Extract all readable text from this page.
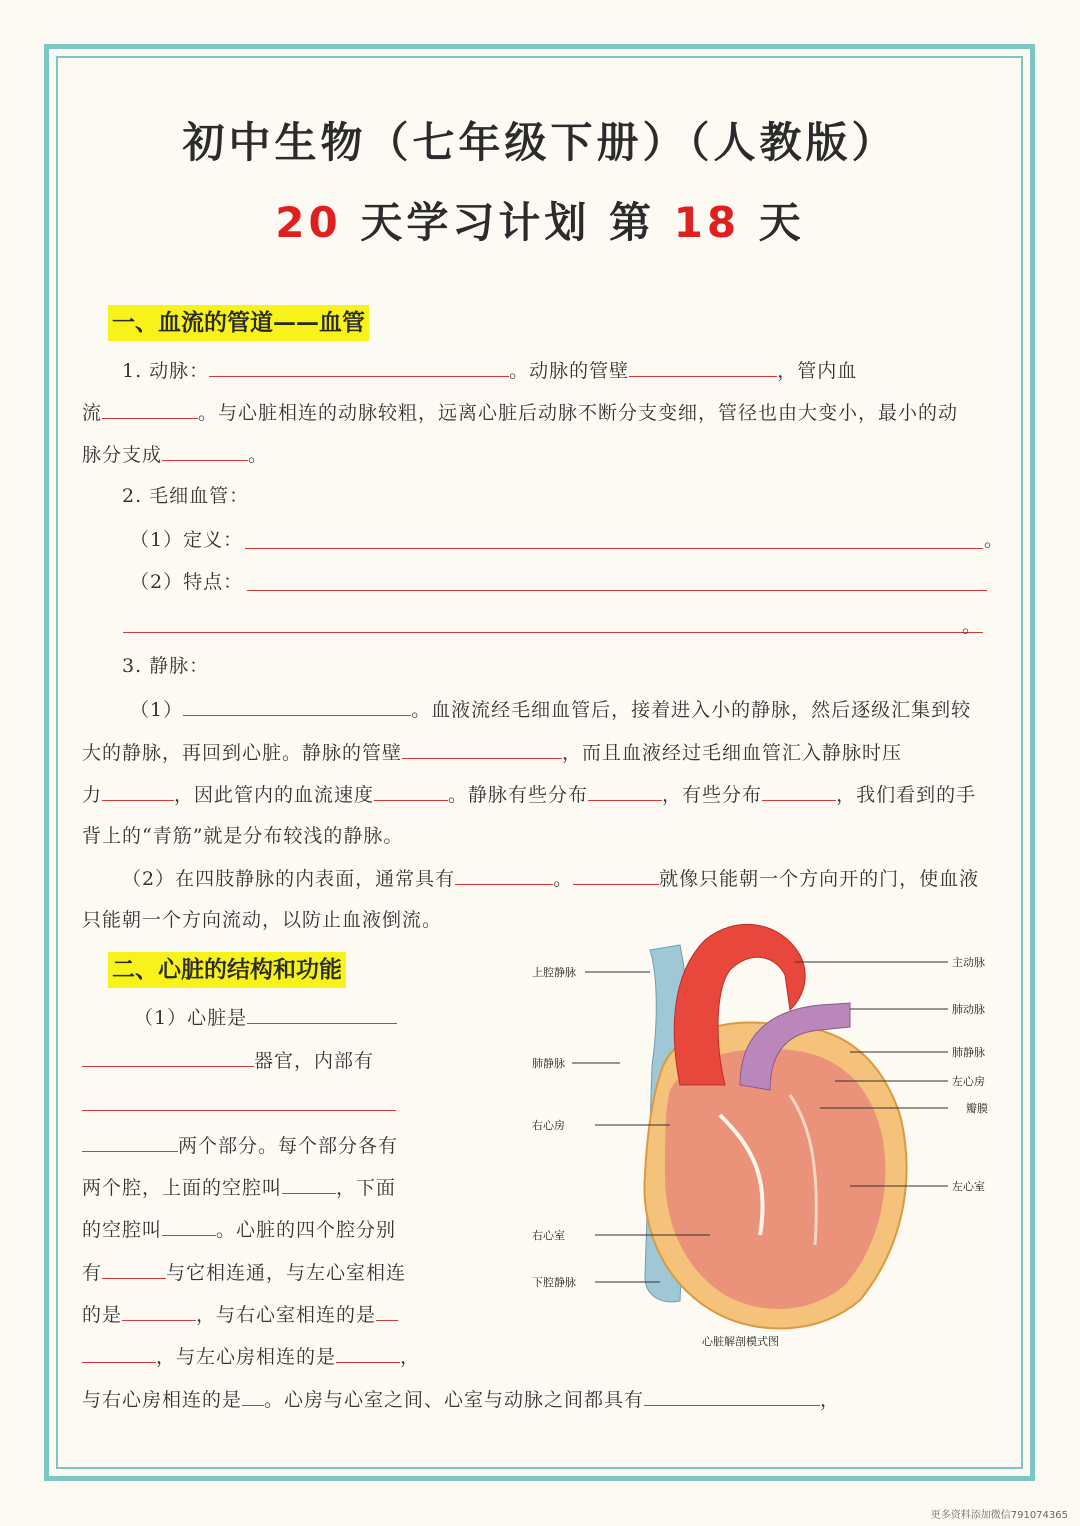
初中生物（七年级下册）（人教版）
20 天学习计划 第 18 天
一、血流的管道——血管
1. 动脉：	。动脉的管壁	，管内血
流	。与心脏相连的动脉较粗，远离心脏后动脉不断分支变细，管径也由大变小，最小的动
脉分支成	。
2. 毛细血管：
（1）定义：	。
（2）特点：
。
3. 静脉：
（1）	。血液流经毛细血管后，接着进入小的静脉，然后逐级汇集到较
大的静脉，再回到心脏。静脉的管壁	，而且血液经过毛细血管汇入静脉时压
力	，因此管内的血流速度	。静脉有些分布	，有些分布	，我们看到的手
背上的“青筋”就是分布较浅的静脉。
（2）在四肢静脉的内表面，通常具有	。	就像只能朝一个方向开的门，使血液
只能朝一个方向流动，以防止血液倒流。
二、心脏的结构和功能
（1）心脏是
器官，内部有
两个部分。每个部分各有
两个腔，上面的空腔叫	，下面
的空腔叫	。心脏的四个腔分别
有	与它相连通，与左心室相连
的是	，与右心室相连的是
，与左心房相连的是	，
与右心房相连的是 。心房与心室之间、心室与动脉之间都具有	，
上腔静脉
肺静脉
右心房
右心室
下腔静脉
主动脉
肺动脉
肺静脉
左心房
瓣膜
左心室
心脏解剖模式图
更多资料添加微信791074365
